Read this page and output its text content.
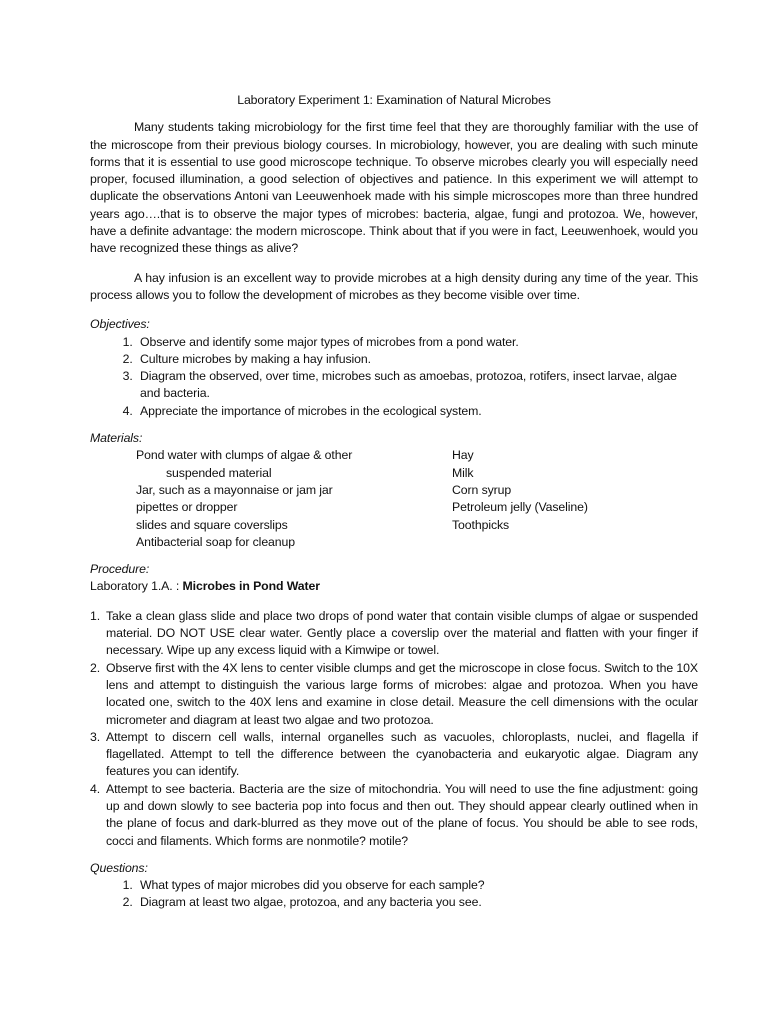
Laboratory Experiment 1: Examination of Natural Microbes

Many students taking microbiology for the first time feel that they are thoroughly familiar with the use of the microscope from their previous biology courses. In microbiology, however, you are dealing with such minute forms that it is essential to use good microscope technique. To observe microbes clearly you will especially need proper, focused illumination, a good selection of objectives and patience. In this experiment we will attempt to duplicate the observations Antoni van Leeuwenhoek made with his simple microscopes more than three hundred years ago….that is to observe the major types of microbes: bacteria, algae, fungi and protozoa. We, however, have a definite advantage: the modern microscope. Think about that if you were in fact, Leeuwenhoek, would you have recognized these things as alive?

A hay infusion is an excellent way to provide microbes at a high density during any time of the year. This process allows you to follow the development of microbes as they become visible over time.

Objectives:
1. Observe and identify some major types of microbes from a pond water.
2. Culture microbes by making a hay infusion.
3. Diagram the observed, over time, microbes such as amoebas, protozoa, rotifers, insect larvae, algae and bacteria.
4. Appreciate the importance of microbes in the ecological system.
Materials:
Pond water with clumps of algae & other
suspended material
Jar, such as a mayonnaise or jam jar
pipettes or dropper
slides and square coverslips
Antibacterial soap for cleanup
Hay
Milk
Corn syrup
Petroleum jelly (Vaseline)
Toothpicks
Procedure:
Laboratory 1.A. : Microbes in Pond Water
1. Take a clean glass slide and place two drops of pond water that contain visible clumps of algae or suspended material. DO NOT USE clear water. Gently place a coverslip over the material and flatten with your finger if necessary. Wipe up any excess liquid with a Kimwipe or towel.
2. Observe first with the 4X lens to center visible clumps and get the microscope in close focus. Switch to the 10X lens and attempt to distinguish the various large forms of microbes: algae and protozoa. When you have located one, switch to the 40X lens and examine in close detail. Measure the cell dimensions with the ocular micrometer and diagram at least two algae and two protozoa.
3. Attempt to discern cell walls, internal organelles such as vacuoles, chloroplasts, nuclei, and flagella if flagellated. Attempt to tell the difference between the cyanobacteria and eukaryotic algae. Diagram any features you can identify.
4. Attempt to see bacteria. Bacteria are the size of mitochondria. You will need to use the fine adjustment: going up and down slowly to see bacteria pop into focus and then out. They should appear clearly outlined when in the plane of focus and dark-blurred as they move out of the plane of focus. You should be able to see rods, cocci and filaments. Which forms are nonmotile? motile?
Questions:
1. What types of major microbes did you observe for each sample?
2. Diagram at least two algae, protozoa, and any bacteria you see.
